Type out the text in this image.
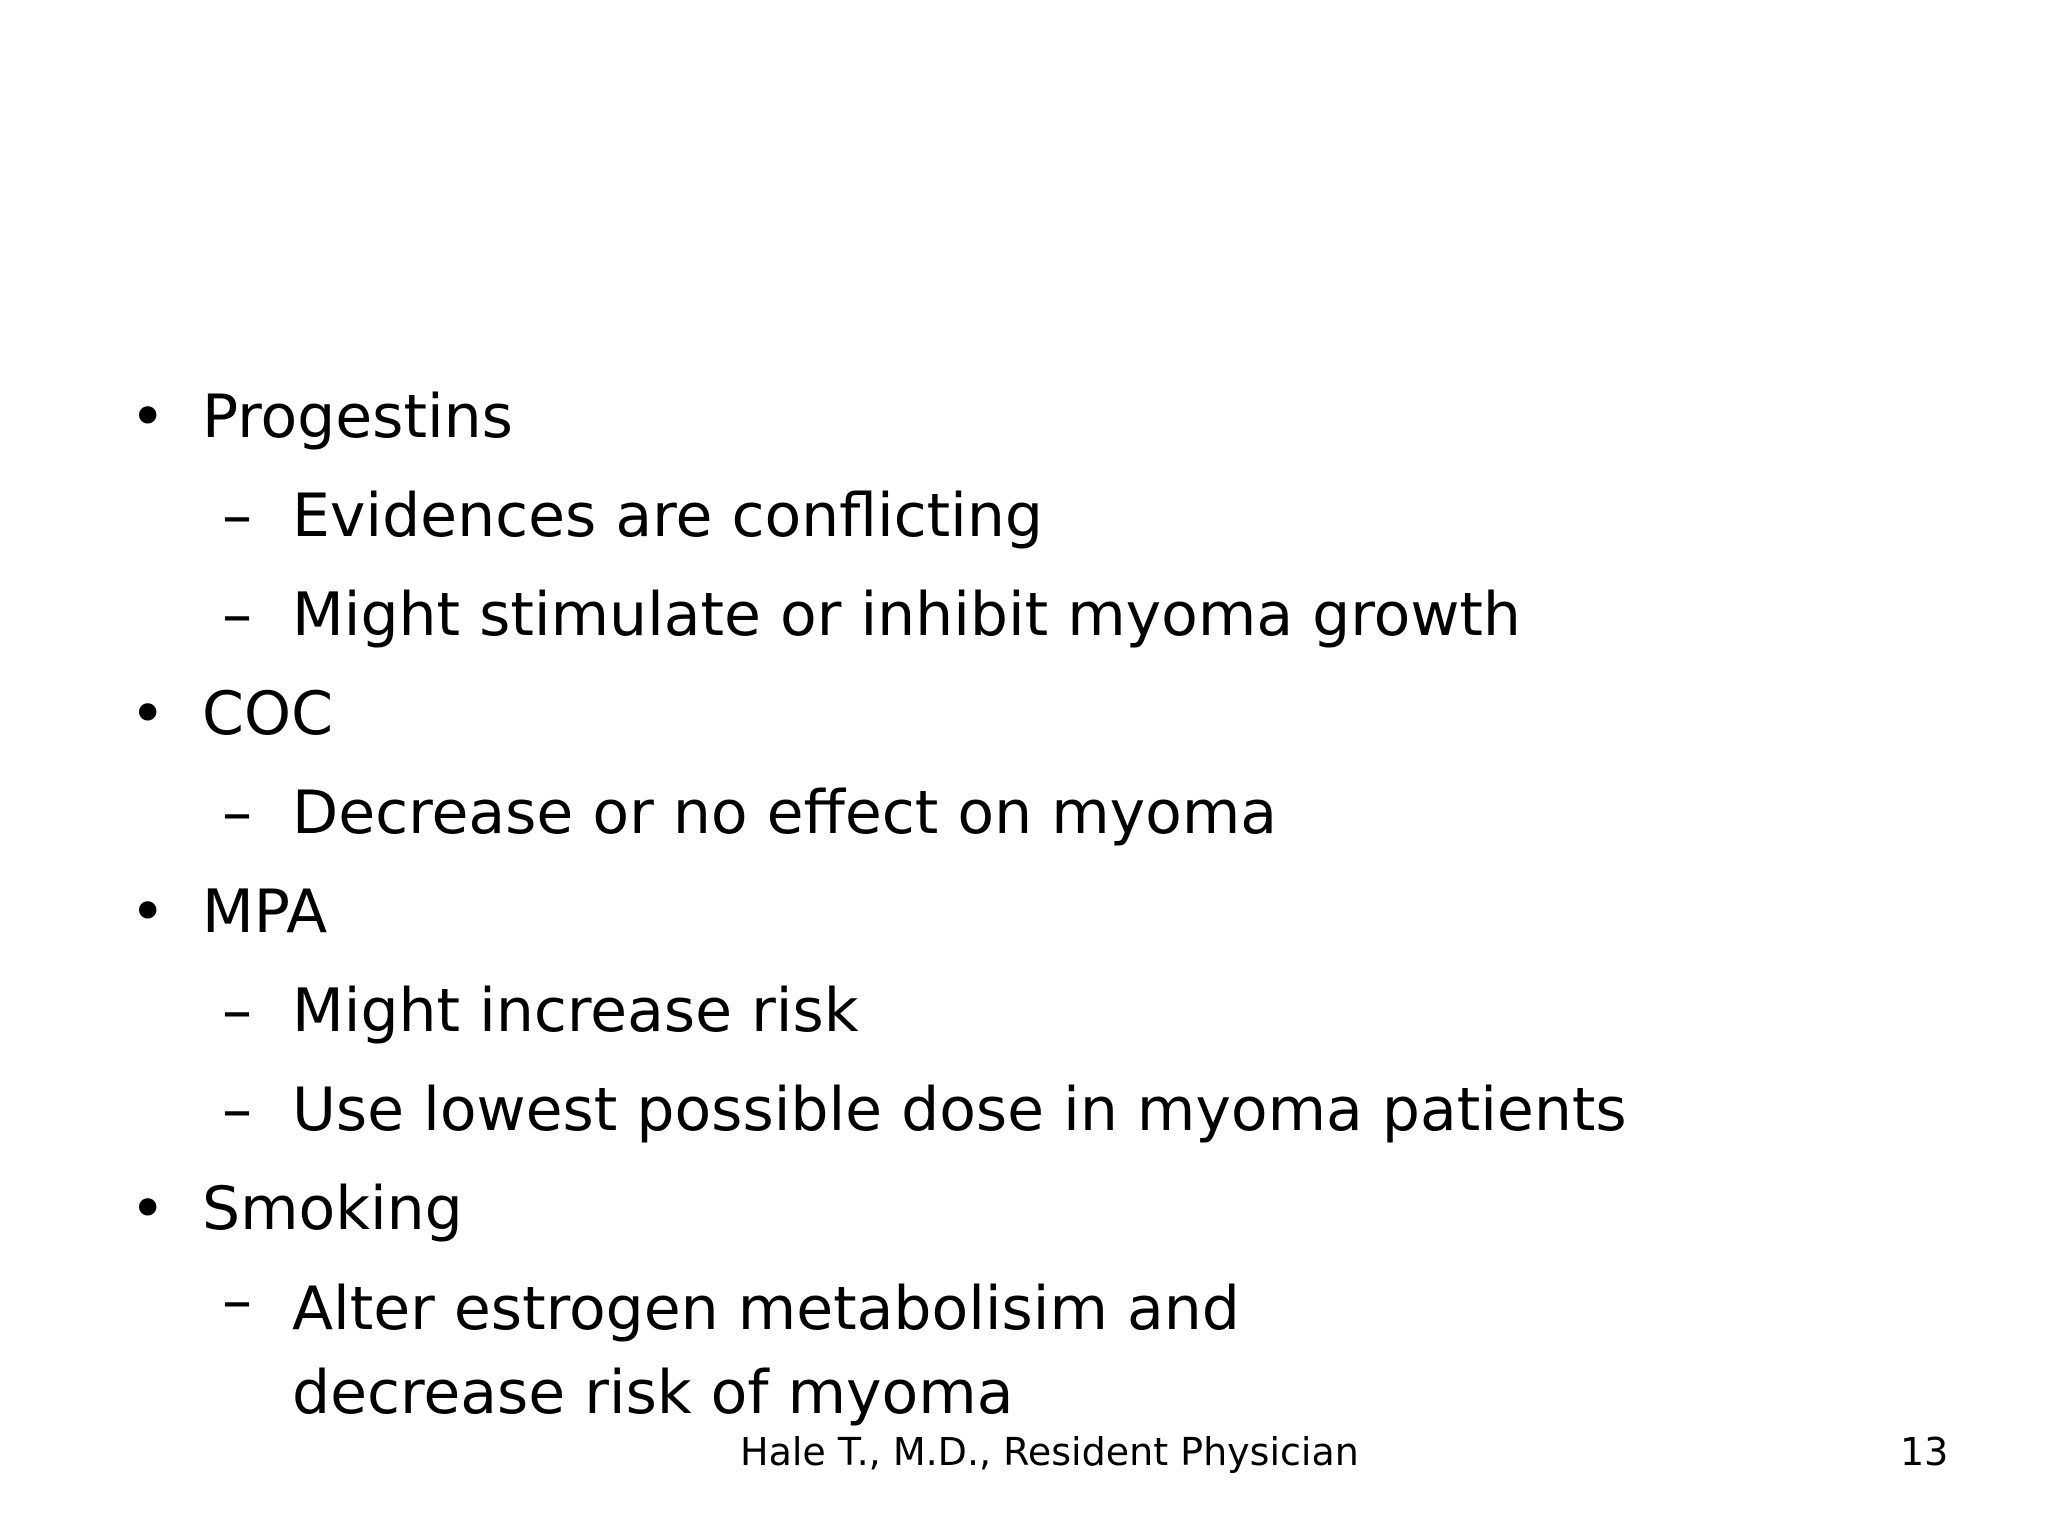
• Progestins
– Evidences are conflicting
– Might stimulate or inhibit myoma growth
• COC
– Decrease or no effect on myoma
• MPA
– Might increase risk
– Use lowest possible dose in myoma patients
• Smoking
– Alter estrogen metabolisim and decrease risk of myoma
Hale T., M.D., Resident Physician	13
